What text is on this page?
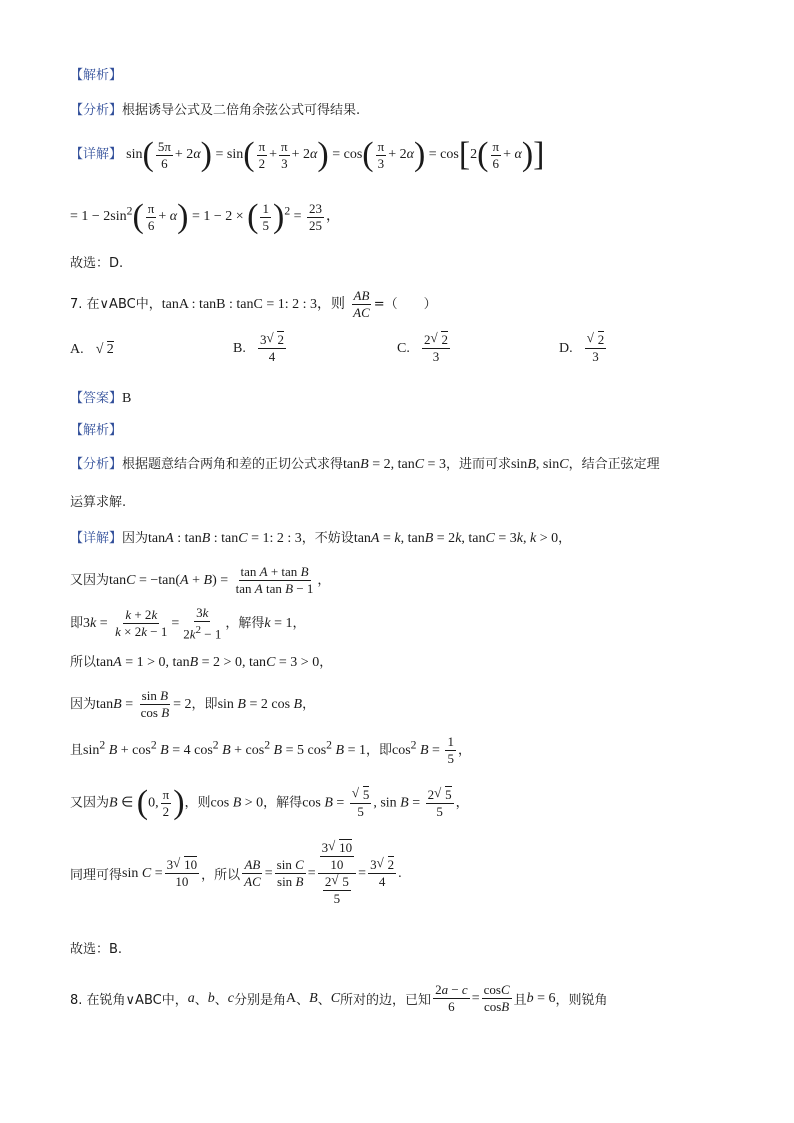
【解析】
【分析】根据诱导公式及二倍角余弦公式可得结果.
【详解】 $\sin( \frac{5\pi}{6} + 2\alpha) = \sin( \frac{\pi}{2} + \frac{\pi}{3} + 2\alpha) = \cos( \frac{\pi}{3} + 2\alpha) = \cos[2( \frac{\pi}{6} + \alpha)]$
= $1 - 2\sin^2( \frac{\pi}{6} + \alpha) = 1 - 2$ × ( $\frac{1}{5} )^2 = \frac{23}{25}$ ，
故选：D.
7. 在∨ABC中，tanA : tanB : tanC = 1: 2 : 3，则 $\frac{AB}{AC}$ =（　　）
A. √ 2	B. $\frac{3 √ 2}{4}$	C. $\frac{2 √ 2}{3}$	D. √ $\frac{2}{3}$
【答案】B
【解析】
【分析】根据题意结合两角和差的正切公式求得tanB = 2, tanC = 3，进而可求sinB, sinC，结合正弦定理
运算求解.
【详解】因为tanA : tanB : tanC = 1: 2 : 3，不妨设tanA = k, tanB = 2k, tanC = 3k, k > 0，
又因为$\tan C = -\tan(A + B) = \frac{\text{tan A + tan B}}{\text{tan A tan B − 1}}$ ，
即$3k = \frac{k + 2k}{k \times 2k - 1} = \frac{3k}{2k^2 - 1}$ ，解得k = 1，
所以tanA = 1 > 0, tanB = 2 > 0, tanC = 3 > 0，
因为$\tan B = \frac{\text{sin B}}{\text{cos B}} = 2$，即sin B = 2 cos B，
且$\sin^2 B + \cos^2 B = 4$ $\cos^2 B + \cos^2 B = 5$ $\cos^2 B = 1$，即$\cos^2 B = \frac{1}{5}$ ，
又因为B ∈ (0, $\frac{\pi}{2}$ )，则cos B > 0，解得cos B = √ $\frac{5}{5}$ , $\sin B = \frac{2 √ 5}{5}$ ，
同理可得 $\sin C = \frac{3 √ 10}{10}$ ，所以 $\frac{AB}{AC} = \frac{\text{sin C}}{\text{sin B}} = \frac{\frac{3 √ 10}{10}}{\frac{2 √ 5}{5}} = \frac{3 √ 2}{4}$ .
故选：B.
8. 在锐角∨ABC中， a 、 b 、 c 分别是角 A 、 B 、 C 所对的边，已知 $\frac{2a - c}{6} = \frac{\cos C}{\cos B}$ 且 b = 6 ，则锐角
